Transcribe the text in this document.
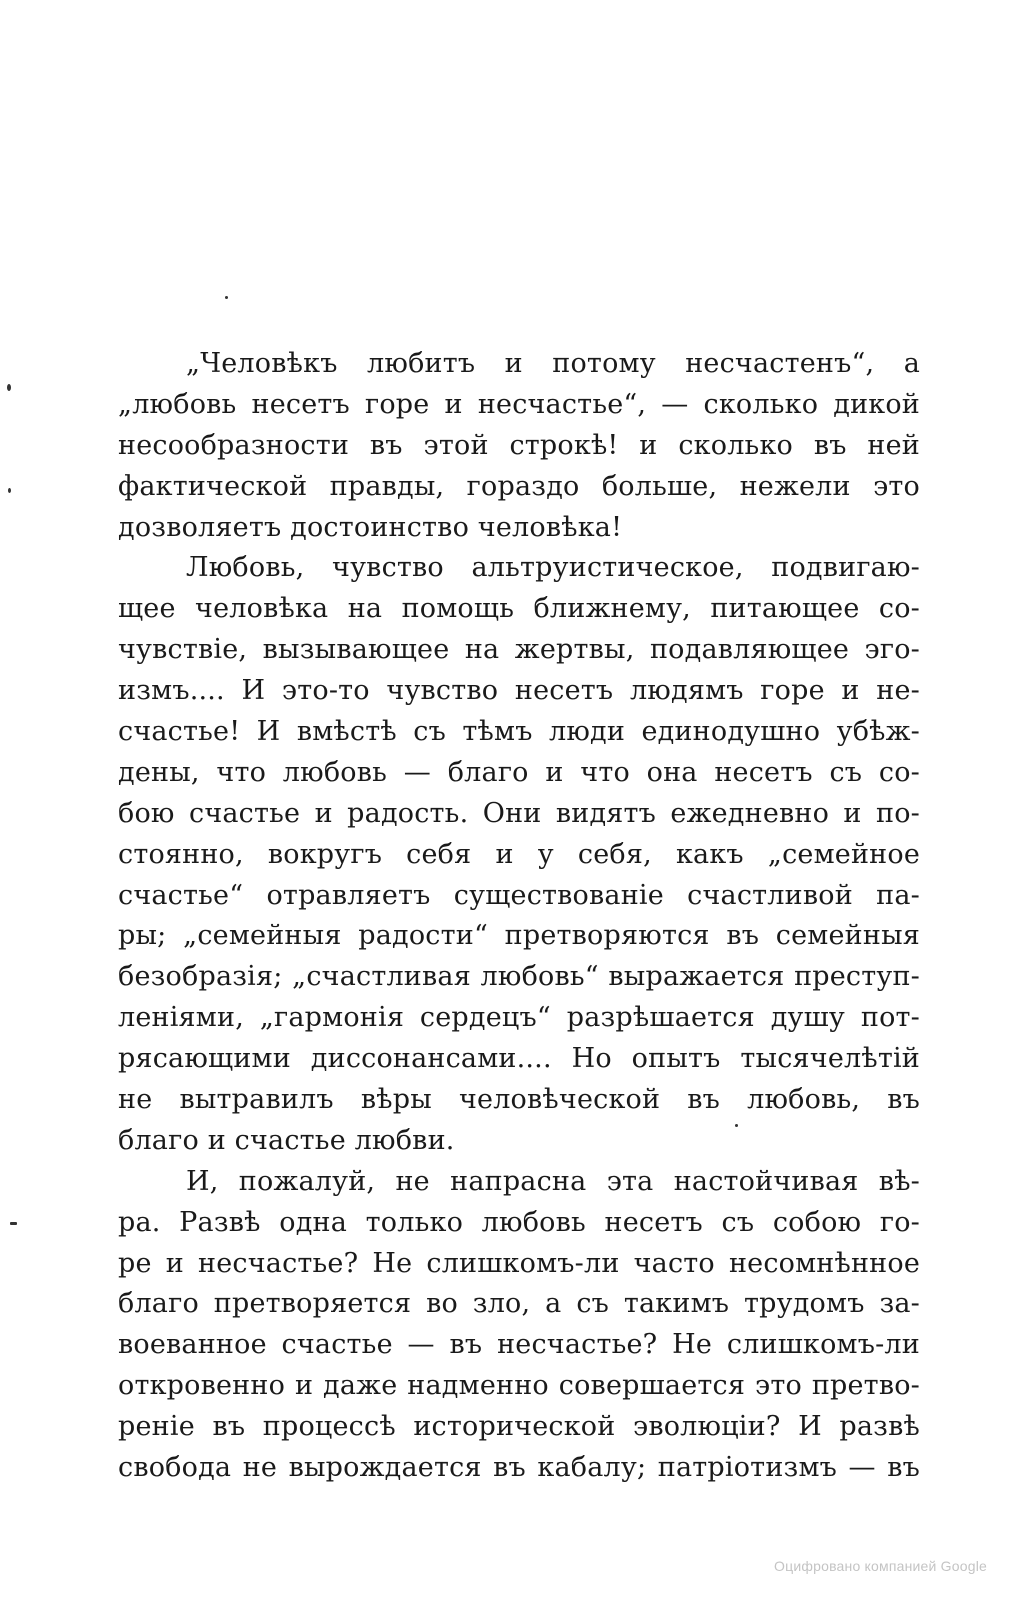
„Человѣкъ любитъ и потому несчастенъ“, а
„любовь несетъ горе и несчастье“, — сколько дикой
несообразности въ этой строкѣ! и сколько въ ней
фактической правды, гораздо больше, нежели это
дозволяетъ достоинство человѣка!
Любовь, чувство альтруистическое, подвигаю-
щее человѣка на помощь ближнему, питающее со-
чувствіе, вызывающее на жертвы, подавляющее эго-
измъ.... И это-то чувство несетъ людямъ горе и не-
счастье! И вмѣстѣ съ тѣмъ люди единодушно убѣж-
дены, что любовь — благо и что она несетъ съ со-
бою счастье и радость. Они видятъ ежедневно и по-
стоянно, вокругъ себя и у себя, какъ „семейное
счастье“ отравляетъ существованіе счастливой па-
ры; „семейныя радости“ претворяются въ семейныя
безобразія; „счастливая любовь“ выражается преступ-
леніями, „гармонія сердецъ“ разрѣшается душу пот-
рясающими диссонансами.... Но опытъ тысячелѣтій
не вытравилъ вѣры человѣческой въ любовь, въ
благо и счастье любви.
И, пожалуй, не напрасна эта настойчивая вѣ-
ра. Развѣ одна только любовь несетъ съ собою го-
ре и несчастье? Не слишкомъ-ли часто несомнѣнное
благо претворяется во зло, а съ такимъ трудомъ за-
воеванное счастье — въ несчастье? Не слишкомъ-ли
откровенно и даже надменно совершается это претво-
реніе въ процессѣ исторической эволюціи? И развѣ
свобода не вырождается въ кабалу; патріотизмъ — въ
Оцифровано компанией Google
